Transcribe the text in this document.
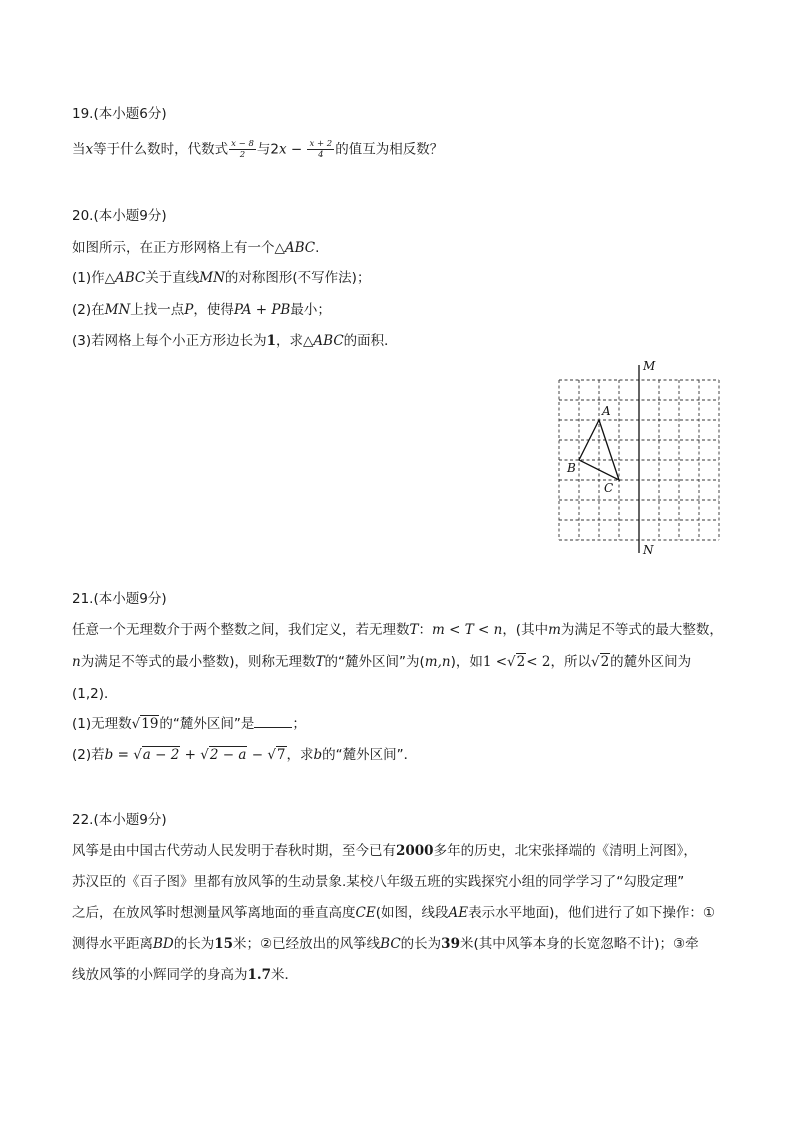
19.(本小题6分)
当x等于什么数时，代数式 $\frac{x - 8}{2}$ 与$2x - \frac{x + 2}{4}$ 的值互为相反数？
20.(本小题9分)
如图所示，在正方形网格上有一个△ABC.
(1)作△ABC关于直线MN的对称图形(不写作法)；
(2)在MN上找一点P，使得PA + PB最小；
(3)若网格上每个小正方形边长为1，求△ABC的面积．
M
N
A
B
C
21.(本小题9分)
任意一个无理数介于两个整数之间，我们定义，若无理数T：m < T < n，(其中m为满足不等式的最大整数，
n为满足不等式的最小整数)，则称无理数T的“麓外区间”为(m,n)，如1 <√2< 2，所以√2的麓外区间为
(1,2)．
(1)无理数√19的“麓外区间”是	；
(2)若b = √a − 2 + √2 − a − √7，求b的“麓外区间”．
22.(本小题9分)
风筝是由中国古代劳动人民发明于春秋时期，至今已有2000多年的历史，北宋张择端的《清明上河图》，
苏汉臣的《百子图》里都有放风筝的生动景象.某校八年级五班的实践探究小组的同学学习了“勾股定理”
之后，在放风筝时想测量风筝离地面的垂直高度CE(如图，线段AE表示水平地面)，他们进行了如下操作：①
测得水平距离BD的长为15米；②已经放出的风筝线BC的长为39米(其中风筝本身的长宽忽略不计)；③牵
线放风筝的小辉同学的身高为1.7米．
